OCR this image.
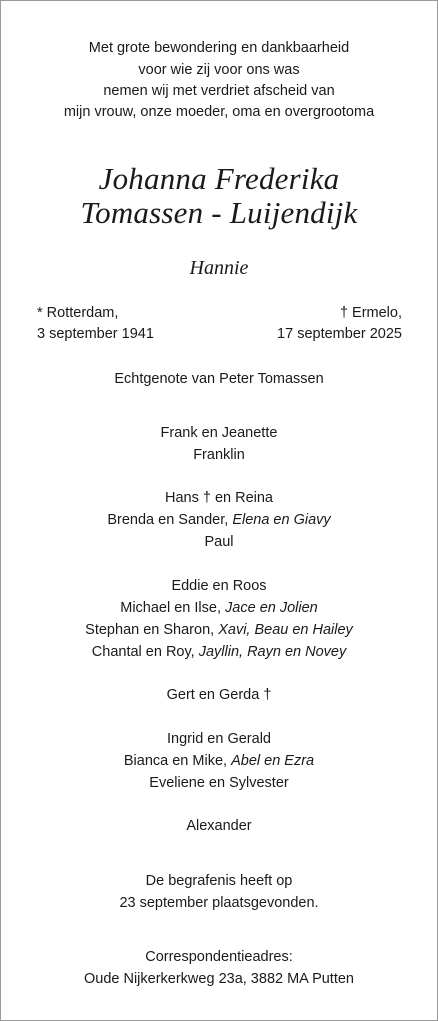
Met grote bewondering en dankbaarheid
voor wie zij voor ons was
nemen wij met verdriet afscheid van
mijn vrouw, onze moeder, oma en overgrootoma
Johanna Frederika
Tomassen - Luijendijk
Hannie
* Rotterdam,
3 september 1941
† Ermelo,
17 september 2025
Echtgenote van Peter Tomassen
Frank en Jeanette
Franklin
Hans † en Reina
Brenda en Sander, Elena en Giavy
Paul
Eddie en Roos
Michael en Ilse, Jace en Jolien
Stephan en Sharon, Xavi, Beau en Hailey
Chantal en Roy, Jayllin, Rayn en Novey
Gert en Gerda †
Ingrid en Gerald
Bianca en Mike, Abel en Ezra
Eveliene en Sylvester
Alexander
De begrafenis heeft op
23 september plaatsgevonden.
Correspondentieadres:
Oude Nijkerkerkweg 23a, 3882 MA Putten
